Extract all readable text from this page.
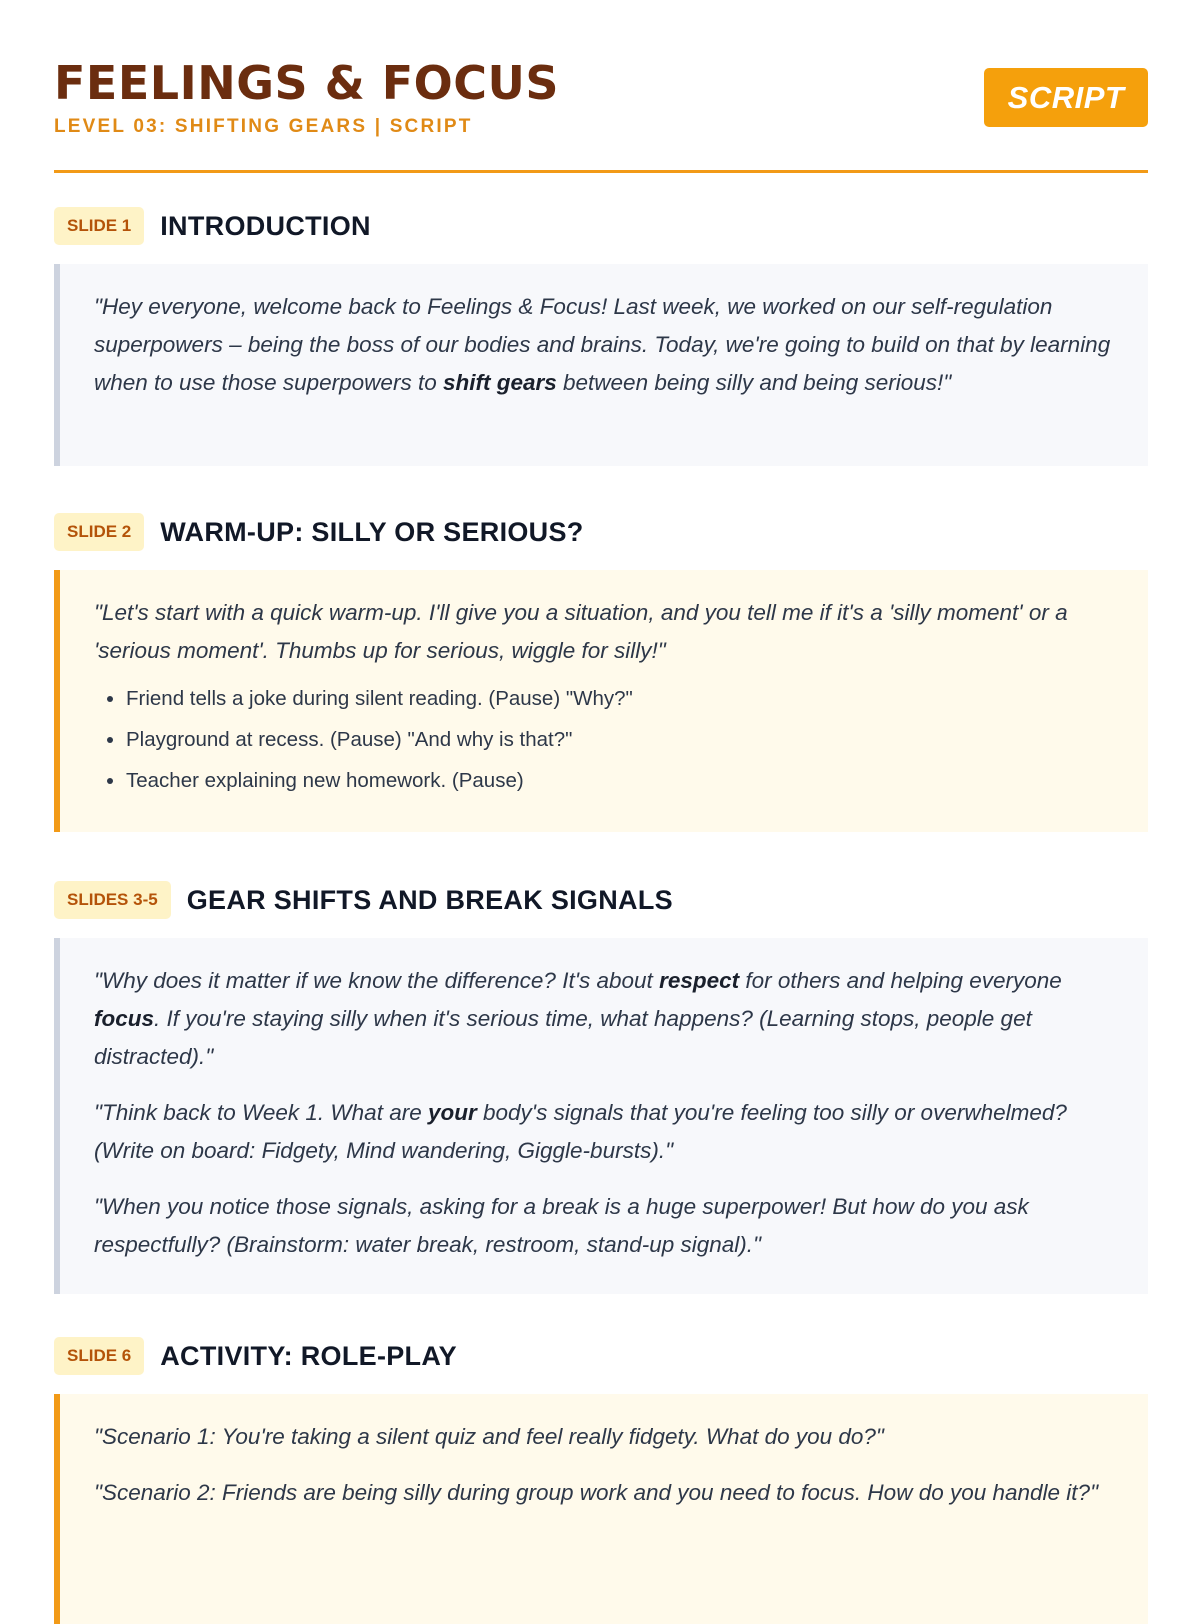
FEELINGS & FOCUS
LEVEL 03: SHIFTING GEARS | SCRIPT
SCRIPT
SLIDE 1	INTRODUCTION

"Hey everyone, welcome back to Feelings & Focus! Last week, we worked on our self-regulation superpowers – being the boss of our bodies and brains. Today, we're going to build on that by learning when to use those superpowers to shift gears between being silly and being serious!"

SLIDE 2	WARM-UP: SILLY OR SERIOUS?

"Let's start with a quick warm-up. I'll give you a situation, and you tell me if it's a 'silly moment' or a 'serious moment'. Thumbs up for serious, wiggle for silly!"

• Friend tells a joke during silent reading. (Pause) "Why?"
• Playground at recess. (Pause) "And why is that?"
• Teacher explaining new homework. (Pause)
SLIDES 3-5	GEAR SHIFTS AND BREAK SIGNALS

"Why does it matter if we know the difference? It's about respect for others and helping everyone focus. If you're staying silly when it's serious time, what happens? (Learning stops, people get distracted)."

"Think back to Week 1. What are your body's signals that you're feeling too silly or overwhelmed? (Write on board: Fidgety, Mind wandering, Giggle-bursts)."

"When you notice those signals, asking for a break is a huge superpower! But how do you ask respectfully? (Brainstorm: water break, restroom, stand-up signal)."

SLIDE 6	ACTIVITY: ROLE-PLAY

"Scenario 1: You're taking a silent quiz and feel really fidgety. What do you do?"

"Scenario 2: Friends are being silly during group work and you need to focus. How do you handle it?"
